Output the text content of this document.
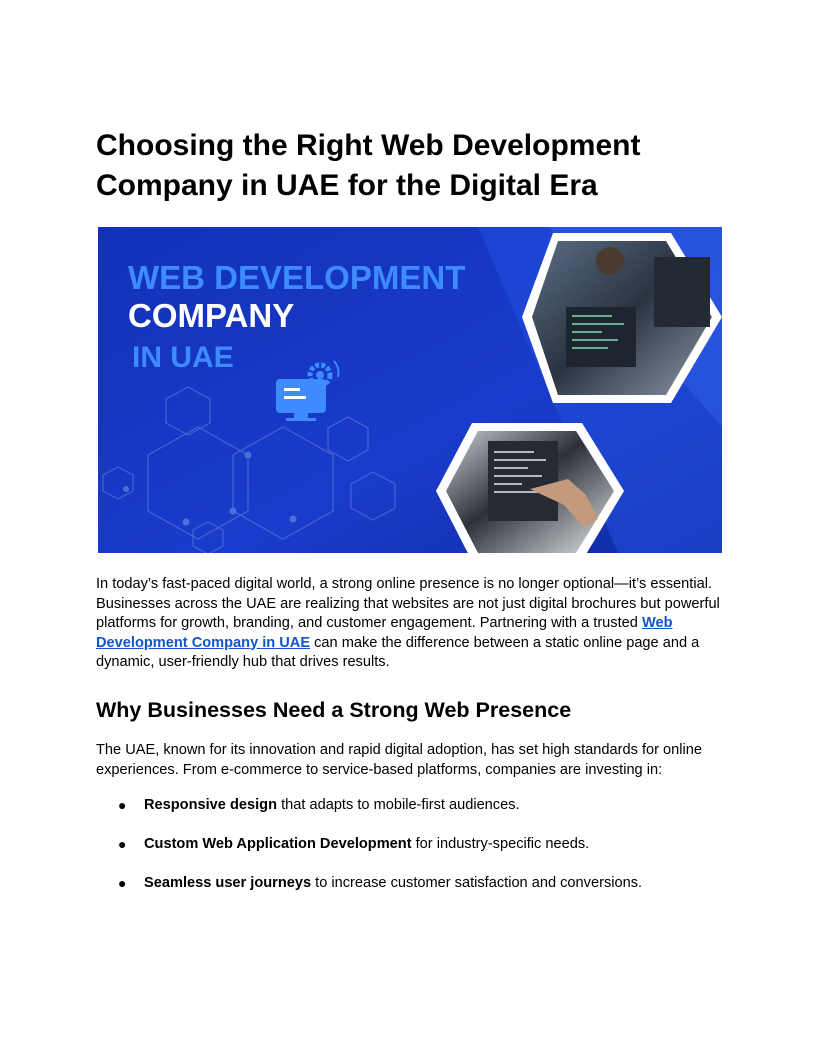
Choosing the Right Web Development Company in UAE for the Digital Era
WEB DEVELOPMENT
COMPANY
IN UAE

In today’s fast-paced digital world, a strong online presence is no longer optional—it’s essential. Businesses across the UAE are realizing that websites are not just digital brochures but powerful platforms for growth, branding, and customer engagement. Partnering with a trusted Web Development Company in UAE can make the difference between a static online page and a dynamic, user-friendly hub that drives results.

Why Businesses Need a Strong Web Presence

The UAE, known for its innovation and rapid digital adoption, has set high standards for online experiences. From e-commerce to service-based platforms, companies are investing in:

● Responsive design that adapts to mobile-first audiences.
● Custom Web Application Development for industry-specific needs.
● Seamless user journeys to increase customer satisfaction and conversions.
